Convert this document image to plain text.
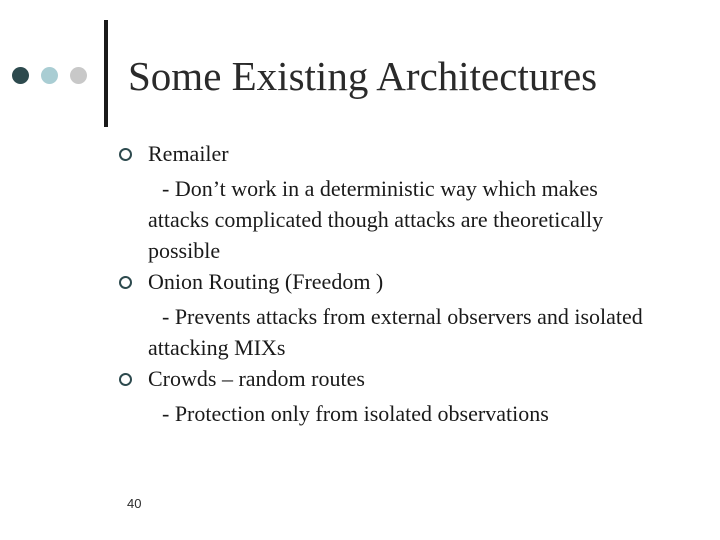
Some Existing Architectures
Remailer
- Don’t work in a deterministic way which makes attacks complicated though attacks are theoretically possible
Onion Routing (Freedom )
- Prevents attacks from external observers and isolated attacking MIXs
Crowds – random routes
- Protection only from isolated observations
40
